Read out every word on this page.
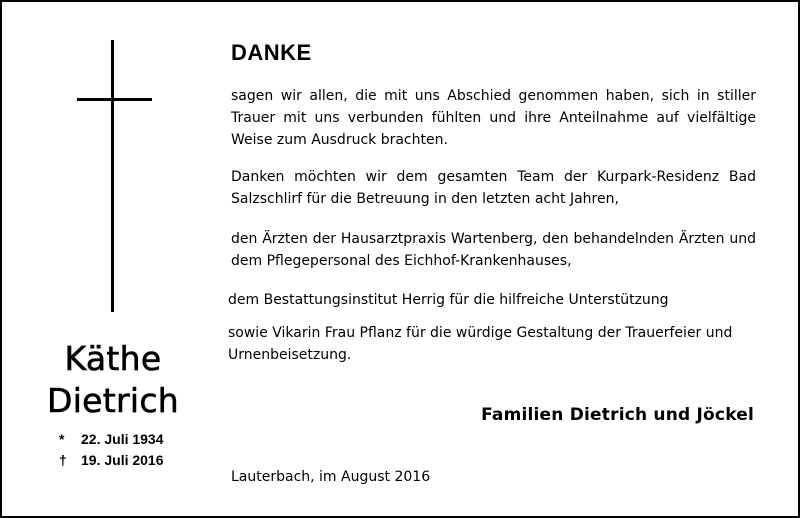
Käthe
Dietrich
* 22. Juli 1934
† 19. Juli 2016
DANKE
sagen wir allen, die mit uns Abschied genommen haben, sich in stiller Trauer mit uns verbunden fühlten und ihre Anteilnahme auf vielfältige Weise zum Ausdruck brachten.
Danken möchten wir dem gesamten Team der Kurpark-Residenz Bad Salzschlirf für die Betreuung in den letzten acht Jahren,
den Ärzten der Hausarztpraxis Wartenberg, den behandelnden Ärzten und dem Pflegepersonal des Eichhof-Krankenhauses,
dem Bestattungsinstitut Herrig für die hilfreiche Unterstützung
sowie Vikarin Frau Pflanz für die würdige Gestaltung der Trauerfeier und Urnenbeisetzung.
Familien Dietrich und Jöckel
Lauterbach, im August 2016
